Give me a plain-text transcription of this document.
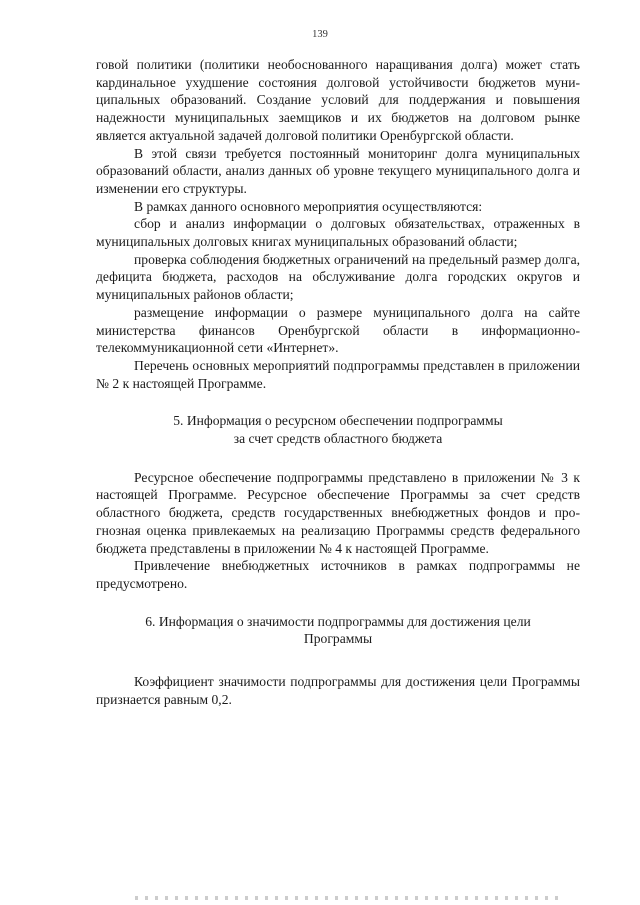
139

говой политики (политики необоснованного наращивания долга) может стать кардинальное ухудшение состояния долговой устойчивости бюджетов муниципальных образований. Создание условий для поддержания и повышения надежности муниципальных заемщиков и их бюджетов на долговом рынке является актуальной задачей долговой политики Оренбургской области.

В этой связи требуется постоянный мониторинг долга муниципальных образований области, анализ данных об уровне текущего муниципального долга и изменении его структуры.

В рамках данного основного мероприятия осуществляются:

сбор и анализ информации о долговых обязательствах, отраженных в муниципальных долговых книгах муниципальных образований области;

проверка соблюдения бюджетных ограничений на предельный размер долга, дефицита бюджета, расходов на обслуживание долга городских округов и муниципальных районов области;

размещение информации о размере муниципального долга на сайте министерства финансов Оренбургской области в информационно-телекоммуникационной сети «Интернет».

Перечень основных мероприятий подпрограммы представлен в приложении № 2 к настоящей Программе.

5. Информация о ресурсном обеспечении подпрограммы

за счет средств областного бюджета

Ресурсное обеспечение подпрограммы представлено в приложении № 3 к настоящей Программе. Ресурсное обеспечение Программы за счет средств областного бюджета, средств государственных внебюджетных фондов и прогнозная оценка привлекаемых на реализацию Программы средств федерального бюджета представлены в приложении № 4 к настоящей Программе.

Привлечение внебюджетных источников в рамках подпрограммы не предусмотрено.

6. Информация о значимости подпрограммы для достижения цели

Программы

Коэффициент значимости подпрограммы для достижения цели Программы признается равным 0,2.
